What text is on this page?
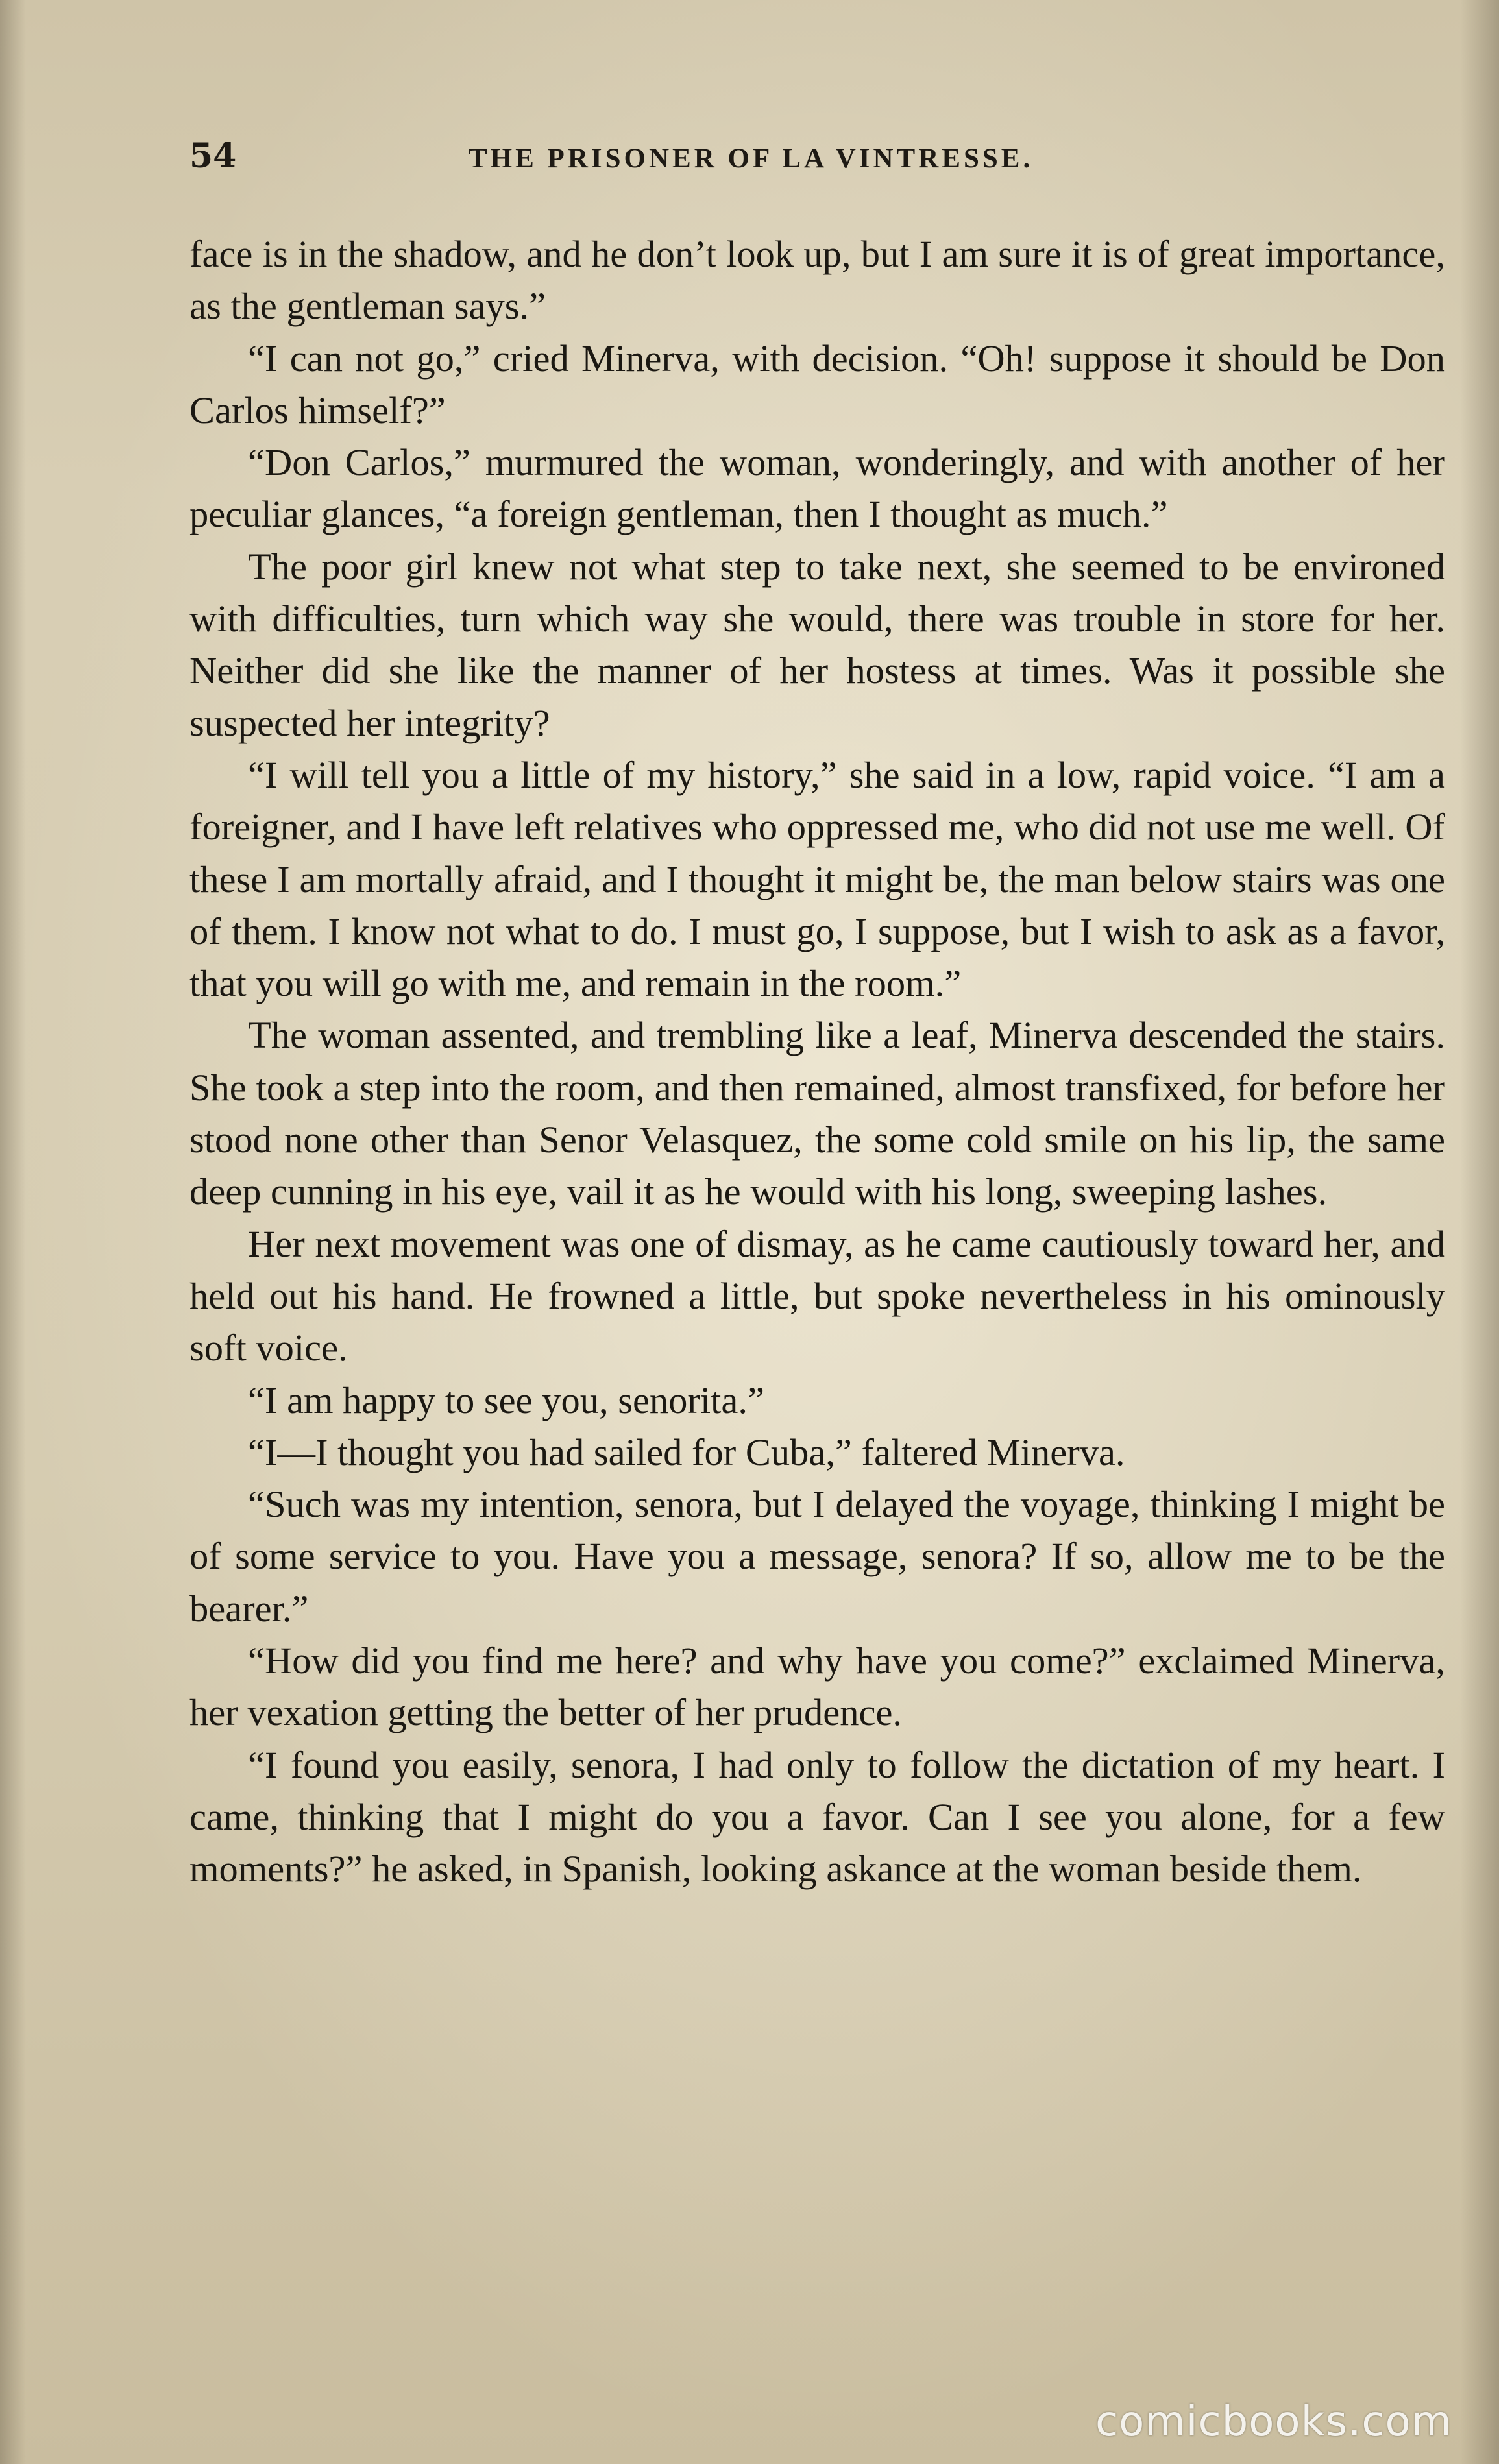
54	THE PRISONER OF LA VINTRESSE.

face is in the shadow, and he don’t look up, but I am sure it is of great importance, as the gentleman says.”

“I can not go,” cried Minerva, with decision. “Oh! suppose it should be Don Carlos himself?”

“Don Carlos,” murmured the woman, wonderingly, and with another of her peculiar glances, “a foreign gentleman, then I thought as much.”

The poor girl knew not what step to take next, she seemed to be environed with difficulties, turn which way she would, there was trouble in store for her. Neither did she like the manner of her hostess at times. Was it possible she suspected her integrity?

“I will tell you a little of my history,” she said in a low, rapid voice. “I am a foreigner, and I have left relatives who oppressed me, who did not use me well. Of these I am mortally afraid, and I thought it might be, the man below stairs was one of them. I know not what to do. I must go, I suppose, but I wish to ask as a favor, that you will go with me, and remain in the room.”

The woman assented, and trembling like a leaf, Minerva descended the stairs. She took a step into the room, and then remained, almost transfixed, for before her stood none other than Senor Velasquez, the some cold smile on his lip, the same deep cunning in his eye, vail it as he would with his long, sweeping lashes.

Her next movement was one of dismay, as he came cautiously toward her, and held out his hand. He frowned a little, but spoke nevertheless in his ominously soft voice.

“I am happy to see you, senorita.”

“I—I thought you had sailed for Cuba,” faltered Minerva.

“Such was my intention, senora, but I delayed the voyage, thinking I might be of some service to you. Have you a message, senora? If so, allow me to be the bearer.”

“How did you find me here? and why have you come?” exclaimed Minerva, her vexation getting the better of her prudence.

“I found you easily, senora, I had only to follow the dictation of my heart. I came, thinking that I might do you a favor. Can I see you alone, for a few moments?” he asked, in Spanish, looking askance at the woman beside them.

comicbooks.com
